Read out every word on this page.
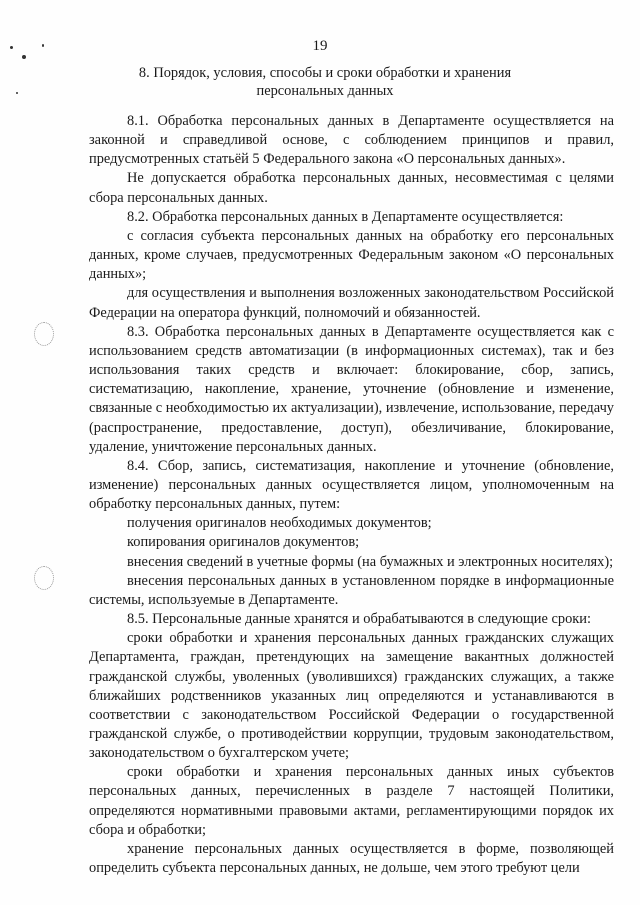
19
8. Порядок, условия, способы и сроки обработки и хранения
персональных данных

8.1. Обработка персональных данных в Департаменте осуществляется на законной и справедливой основе, с соблюдением принципов и правил, предусмотренных статьёй 5 Федерального закона «О персональных данных».

Не допускается обработка персональных данных, несовместимая с целями сбора персональных данных.

8.2. Обработка персональных данных в Департаменте осуществляется:

с согласия субъекта персональных данных на обработку его персональных данных, кроме случаев, предусмотренных Федеральным законом «О персональных данных»;

для осуществления и выполнения возложенных законодательством Российской Федерации на оператора функций, полномочий и обязанностей.

8.3. Обработка персональных данных в Департаменте осуществляется как с использованием средств автоматизации (в информационных системах), так и без использования таких средств и включает: блокирование, сбор, запись, систематизацию, накопление, хранение, уточнение (обновление и изменение, связанные с необходимостью их актуализации), извлечение, использование, передачу (распространение, предоставление, доступ), обезличивание, блокирование, удаление, уничтожение персональных данных.

8.4. Сбор, запись, систематизация, накопление и уточнение (обновление, изменение) персональных данных осуществляется лицом, уполномоченным на обработку персональных данных, путем:

получения оригиналов необходимых документов;

копирования оригиналов документов;

внесения сведений в учетные формы (на бумажных и электронных носителях);

внесения персональных данных в установленном порядке в информационные системы, используемые в Департаменте.

8.5. Персональные данные хранятся и обрабатываются в следующие сроки:

сроки обработки и хранения персональных данных гражданских служащих Департамента, граждан, претендующих на замещение вакантных должностей гражданской службы, уволенных (уволившихся) гражданских служащих, а также ближайших родственников указанных лиц определяются и устанавливаются в соответствии с законодательством Российской Федерации о государственной гражданской службе, о противодействии коррупции, трудовым законодательством, законодательством о бухгалтерском учете;

сроки обработки и хранения персональных данных иных субъектов персональных данных, перечисленных в разделе 7 настоящей Политики, определяются нормативными правовыми актами, регламентирующими порядок их сбора и обработки;

хранение персональных данных осуществляется в форме, позволяющей определить субъекта персональных данных, не дольше, чем этого требуют цели
